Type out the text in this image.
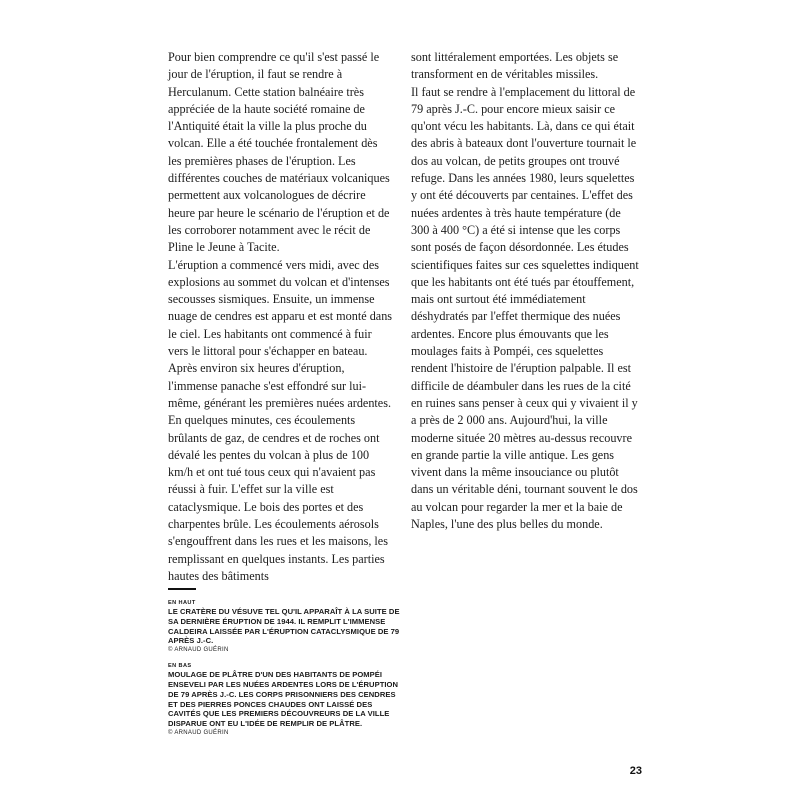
Pour bien comprendre ce qu'il s'est passé le jour de l'éruption, il faut se rendre à Herculanum. Cette station balnéaire très appréciée de la haute société romaine de l'Antiquité était la ville la plus proche du volcan. Elle a été touchée frontalement dès les premières phases de l'éruption. Les différentes couches de matériaux volcaniques permettent aux volcanologues de décrire heure par heure le scénario de l'éruption et de les corroborer notamment avec le récit de Pline le Jeune à Tacite.

L'éruption a commencé vers midi, avec des explosions au sommet du volcan et d'intenses secousses sismiques. Ensuite, un immense nuage de cendres est apparu et est monté dans le ciel. Les habitants ont commencé à fuir vers le littoral pour s'échapper en bateau. Après environ six heures d'éruption, l'immense panache s'est effondré sur lui-même, générant les premières nuées ardentes. En quelques minutes, ces écoulements brûlants de gaz, de cendres et de roches ont dévalé les pentes du volcan à plus de 100 km/h et ont tué tous ceux qui n'avaient pas réussi à fuir. L'effet sur la ville est cataclysmique. Le bois des portes et des charpentes brûle. Les écoulements aérosols s'engouffrent dans les rues et les maisons, les remplissant en quelques instants. Les parties hautes des bâtiments

sont littéralement emportées. Les objets se transforment en de véritables missiles.

Il faut se rendre à l'emplacement du littoral de 79 après J.-C. pour encore mieux saisir ce qu'ont vécu les habitants. Là, dans ce qui était des abris à bateaux dont l'ouverture tournait le dos au volcan, de petits groupes ont trouvé refuge. Dans les années 1980, leurs squelettes y ont été découverts par centaines. L'effet des nuées ardentes à très haute température (de 300 à 400 °C) a été si intense que les corps sont posés de façon désordonnée. Les études scientifiques faites sur ces squelettes indiquent que les habitants ont été tués par étouffement, mais ont surtout été immédiatement déshydratés par l'effet thermique des nuées ardentes. Encore plus émouvants que les moulages faits à Pompéi, ces squelettes rendent l'histoire de l'éruption palpable. Il est difficile de déambuler dans les rues de la cité en ruines sans penser à ceux qui y vivaient il y a près de 2 000 ans. Aujourd'hui, la ville moderne située 20 mètres au-dessus recouvre en grande partie la ville antique. Les gens vivent dans la même insouciance ou plutôt dans un véritable déni, tournant souvent le dos au volcan pour regarder la mer et la baie de Naples, l'une des plus belles du monde.

EN HAUT
LE CRATÈRE DU VÉSUVE TEL QU'IL APPARAÎT À LA SUITE DE SA DERNIÈRE ÉRUPTION DE 1944. IL REMPLIT L'IMMENSE CALDEIRA LAISSÉE PAR L'ÉRUPTION CATACLYSMIQUE DE 79 APRÈS J.-C.
© ARNAUD GUÉRIN
EN BAS
MOULAGE DE PLÂTRE D'UN DES HABITANTS DE POMPÉI ENSEVELI PAR LES NUÉES ARDENTES LORS DE L'ÉRUPTION DE 79 APRÈS J.-C. LES CORPS PRISONNIERS DES CENDRES ET DES PIERRES PONCES CHAUDES ONT LAISSÉ DES CAVITÉS QUE LES PREMIERS DÉCOUVREURS DE LA VILLE DISPARUE ONT EU L'IDÉE DE REMPLIR DE PLÂTRE.
© ARNAUD GUÉRIN
23
